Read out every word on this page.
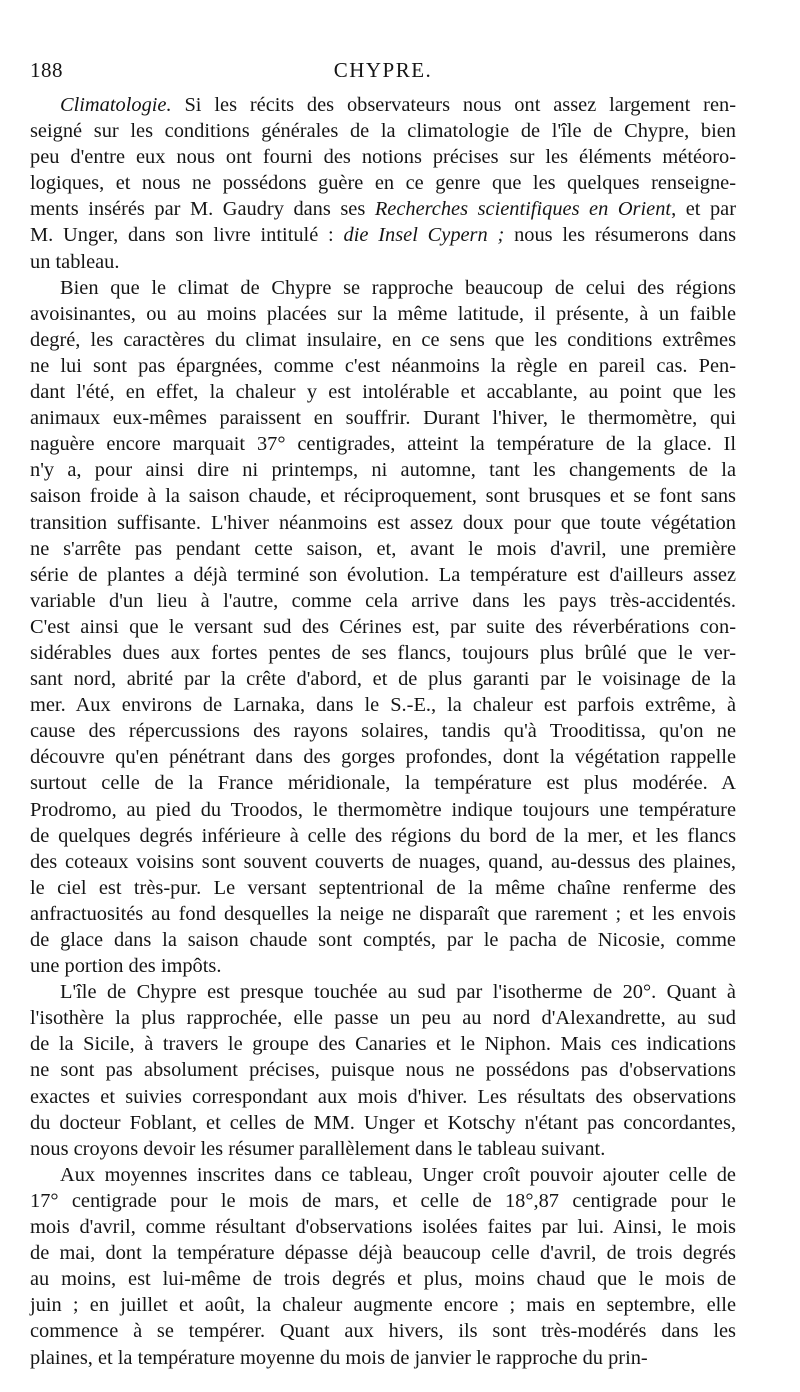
188	CHYPRE.
Climatologie. Si les récits des observateurs nous ont assez largement ren-
seigné sur les conditions générales de la climatologie de l'île de Chypre, bien
peu d'entre eux nous ont fourni des notions précises sur les éléments météoro-
logiques, et nous ne possédons guère en ce genre que les quelques renseigne-
ments insérés par M. Gaudry dans ses Recherches scientifiques en Orient, et par
M. Unger, dans son livre intitulé : die Insel Cypern ; nous les résumerons dans
un tableau.
Bien que le climat de Chypre se rapproche beaucoup de celui des régions
avoisinantes, ou au moins placées sur la même latitude, il présente, à un faible
degré, les caractères du climat insulaire, en ce sens que les conditions extrêmes
ne lui sont pas épargnées, comme c'est néanmoins la règle en pareil cas. Pen-
dant l'été, en effet, la chaleur y est intolérable et accablante, au point que les
animaux eux-mêmes paraissent en souffrir. Durant l'hiver, le thermomètre, qui
naguère encore marquait 37° centigrades, atteint la température de la glace. Il
n'y a, pour ainsi dire ni printemps, ni automne, tant les changements de la
saison froide à la saison chaude, et réciproquement, sont brusques et se font sans
transition suffisante. L'hiver néanmoins est assez doux pour que toute végétation
ne s'arrête pas pendant cette saison, et, avant le mois d'avril, une première
série de plantes a déjà terminé son évolution. La température est d'ailleurs assez
variable d'un lieu à l'autre, comme cela arrive dans les pays très-accidentés.
C'est ainsi que le versant sud des Cérines est, par suite des réverbérations con-
sidérables dues aux fortes pentes de ses flancs, toujours plus brûlé que le ver-
sant nord, abrité par la crête d'abord, et de plus garanti par le voisinage de la
mer. Aux environs de Larnaka, dans le S.-E., la chaleur est parfois extrême, à
cause des répercussions des rayons solaires, tandis qu'à Trooditissa, qu'on ne
découvre qu'en pénétrant dans des gorges profondes, dont la végétation rappelle
surtout celle de la France méridionale, la température est plus modérée. A
Prodromo, au pied du Troodos, le thermomètre indique toujours une température
de quelques degrés inférieure à celle des régions du bord de la mer, et les flancs
des coteaux voisins sont souvent couverts de nuages, quand, au-dessus des plaines,
le ciel est très-pur. Le versant septentrional de la même chaîne renferme des
anfractuosités au fond desquelles la neige ne disparaît que rarement ; et les envois
de glace dans la saison chaude sont comptés, par le pacha de Nicosie, comme
une portion des impôts.
L'île de Chypre est presque touchée au sud par l'isotherme de 20°. Quant à
l'isothère la plus rapprochée, elle passe un peu au nord d'Alexandrette, au sud
de la Sicile, à travers le groupe des Canaries et le Niphon. Mais ces indications
ne sont pas absolument précises, puisque nous ne possédons pas d'observations
exactes et suivies correspondant aux mois d'hiver. Les résultats des observations
du docteur Foblant, et celles de MM. Unger et Kotschy n'étant pas concordantes,
nous croyons devoir les résumer parallèlement dans le tableau suivant.
Aux moyennes inscrites dans ce tableau, Unger croît pouvoir ajouter celle de
17° centigrade pour le mois de mars, et celle de 18°,87 centigrade pour le
mois d'avril, comme résultant d'observations isolées faites par lui. Ainsi, le mois
de mai, dont la température dépasse déjà beaucoup celle d'avril, de trois degrés
au moins, est lui-même de trois degrés et plus, moins chaud que le mois de
juin ; en juillet et août, la chaleur augmente encore ; mais en septembre, elle
commence à se tempérer. Quant aux hivers, ils sont très-modérés dans les
plaines, et la température moyenne du mois de janvier le rapproche du prin-
